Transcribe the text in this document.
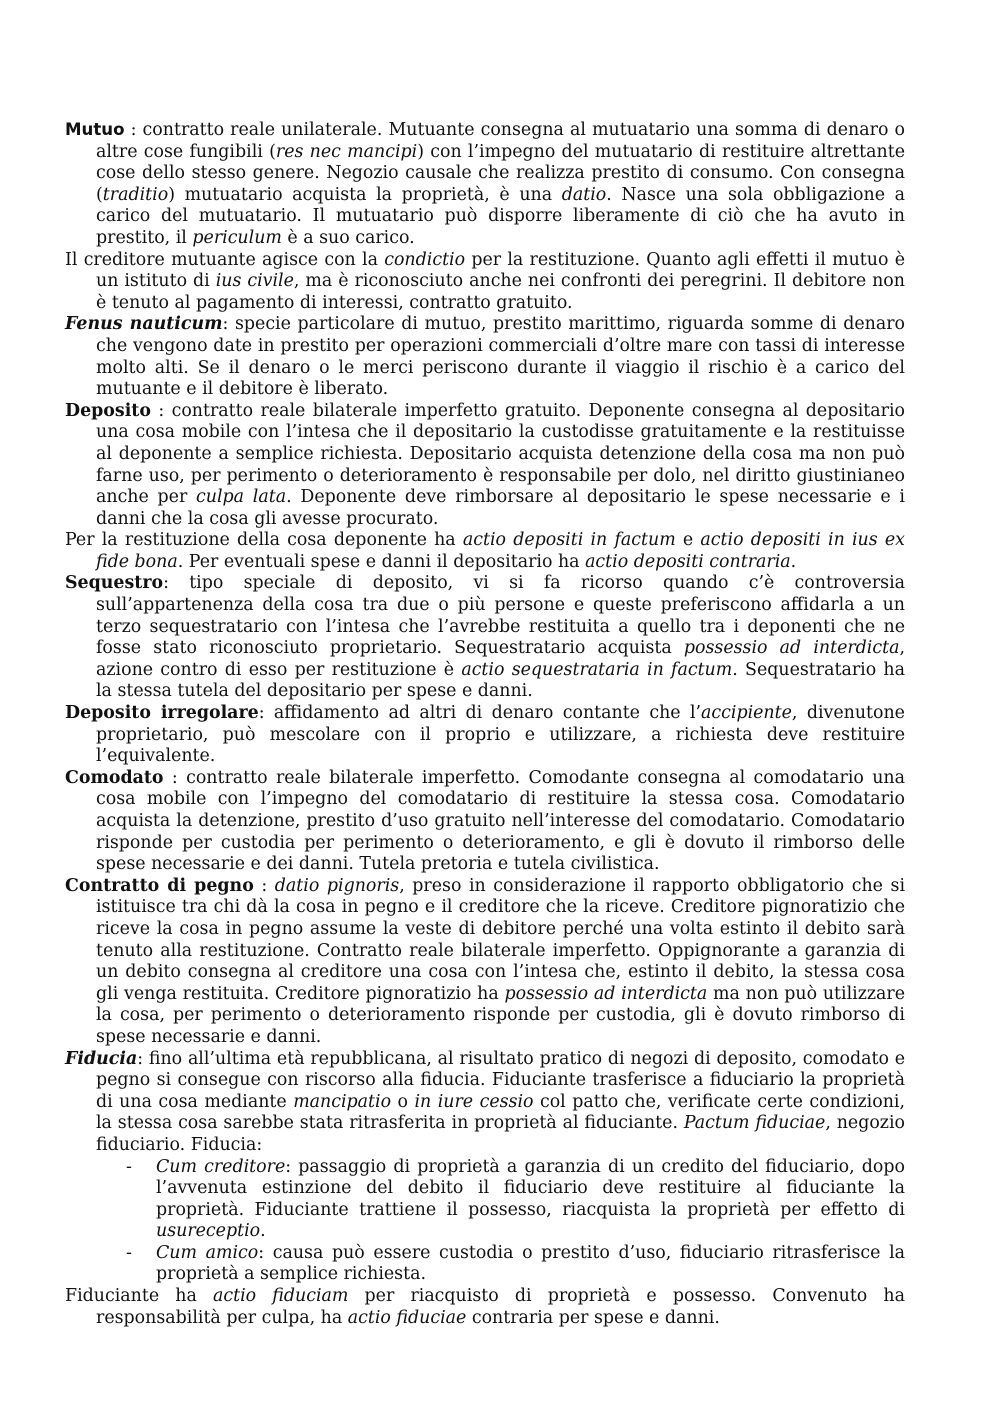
Mutuo : contratto reale unilaterale. Mutuante consegna al mutuatario una somma di denaro o altre cose fungibili (res nec mancipi) con l’impegno del mutuatario di restituire altrettante cose dello stesso genere. Negozio causale che realizza prestito di consumo. Con consegna (traditio) mutuatario acquista la proprietà, è una datio. Nasce una sola obbligazione a carico del mutuatario. Il mutuatario può disporre liberamente di ciò che ha avuto in prestito, il periculum è a suo carico.

Il creditore mutuante agisce con la condictio per la restituzione. Quanto agli effetti il mutuo è un istituto di ius civile, ma è riconosciuto anche nei confronti dei peregrini. Il debitore non è tenuto al pagamento di interessi, contratto gratuito.

Fenus nauticum: specie particolare di mutuo, prestito marittimo, riguarda somme di denaro che vengono date in prestito per operazioni commerciali d’oltre mare con tassi di interesse molto alti. Se il denaro o le merci periscono durante il viaggio il rischio è a carico del mutuante e il debitore è liberato.

Deposito : contratto reale bilaterale imperfetto gratuito. Deponente consegna al depositario una cosa mobile con l’intesa che il depositario la custodisse gratuitamente e la restituisse al deponente a semplice richiesta. Depositario acquista detenzione della cosa ma non può farne uso, per perimento o deterioramento è responsabile per dolo, nel diritto giustinianeo anche per culpa lata. Deponente deve rimborsare al depositario le spese necessarie e i danni che la cosa gli avesse procurato.

Per la restituzione della cosa deponente ha actio depositi in factum e actio depositi in ius ex fide bona. Per eventuali spese e danni il depositario ha actio depositi contraria.

Sequestro: tipo speciale di deposito, vi si fa ricorso quando c’è controversia sull’appartenenza della cosa tra due o più persone e queste preferiscono affidarla a un terzo sequestratario con l’intesa che l’avrebbe restituita a quello tra i deponenti che ne fosse stato riconosciuto proprietario. Sequestratario acquista possessio ad interdicta, azione contro di esso per restituzione è actio sequestrataria in factum. Sequestratario ha la stessa tutela del depositario per spese e danni.

Deposito irregolare: affidamento ad altri di denaro contante che l’accipiente, divenutone proprietario, può mescolare con il proprio e utilizzare, a richiesta deve restituire l’equivalente.

Comodato : contratto reale bilaterale imperfetto. Comodante consegna al comodatario una cosa mobile con l’impegno del comodatario di restituire la stessa cosa. Comodatario acquista la detenzione, prestito d’uso gratuito nell’interesse del comodatario. Comodatario risponde per custodia per perimento o deterioramento, e gli è dovuto il rimborso delle spese necessarie e dei danni. Tutela pretoria e tutela civilistica.

Contratto di pegno : datio pignoris, preso in considerazione il rapporto obbligatorio che si istituisce tra chi dà la cosa in pegno e il creditore che la riceve. Creditore pignoratizio che riceve la cosa in pegno assume la veste di debitore perché una volta estinto il debito sarà tenuto alla restituzione. Contratto reale bilaterale imperfetto. Oppignorante a garanzia di un debito consegna al creditore una cosa con l’intesa che, estinto il debito, la stessa cosa gli venga restituita. Creditore pignoratizio ha possessio ad interdicta ma non può utilizzare la cosa, per perimento o deterioramento risponde per custodia, gli è dovuto rimborso di spese necessarie e danni.

Fiducia: fino all’ultima età repubblicana, al risultato pratico di negozi di deposito, comodato e pegno si consegue con riscorso alla fiducia. Fiduciante trasferisce a fiduciario la proprietà di una cosa mediante mancipatio o in iure cessio col patto che, verificate certe condizioni, la stessa cosa sarebbe stata ritrasferita in proprietà al fiduciante. Pactum fiduciae, negozio fiduciario. Fiducia:

- Cum creditore: passaggio di proprietà a garanzia di un credito del fiduciario, dopo l’avvenuta estinzione del debito il fiduciario deve restituire al fiduciante la proprietà. Fiduciante trattiene il possesso, riacquista la proprietà per effetto di usureceptio.
- Cum amico: causa può essere custodia o prestito d’uso, fiduciario ritrasferisce la proprietà a semplice richiesta.

Fiduciante ha actio fiduciam per riacquisto di proprietà e possesso. Convenuto ha responsabilità per culpa, ha actio fiduciae contraria per spese e danni.
